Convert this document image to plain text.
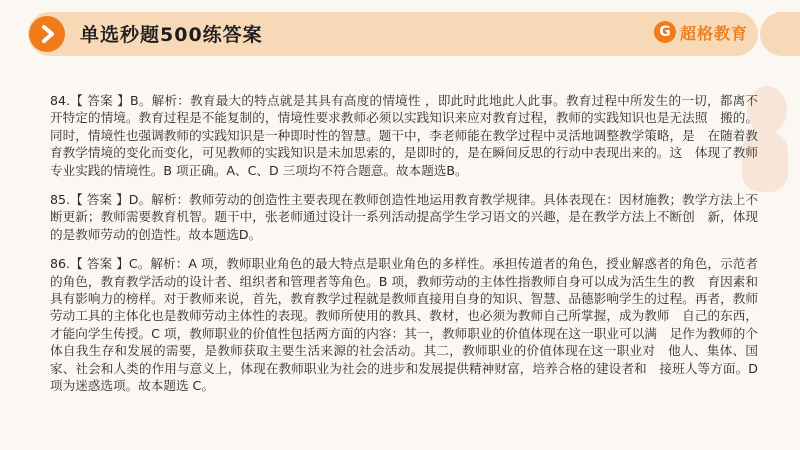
单选秒题500练答案	G 超格教育

84.【 答案 】B。解析：教育最大的特点就是其具有高度的情境性 ，即此时此地此人此事。教育过程中所发生的一切，都离不开特定的情境。教育过程是不能复制的，情境性要求教师必须以实践知识来应对教育过程，教师的实践知识也是无法照　搬的。同时，情境性也强调教师的实践知识是一种即时性的智慧。题干中，李老师能在教学过程中灵活地调整教学策略，是　在随着教育教学情境的变化而变化，可见教师的实践知识是未加思索的，是即时的，是在瞬间反思的行动中表现出来的。这　体现了教师专业实践的情境性。B 项正确。A、C、D 三项均不符合题意。故本题选B。

85.【 答案 】D。解析：教师劳动的创造性主要表现在教师创造性地运用教育教学规律。具体表现在：因材施教；教学方法上不断更新；教师需要教育机智。题干中，张老师通过设计一系列活动提高学生学习语文的兴趣，是在教学方法上不断创　新，体现的是教师劳动的创造性。故本题选D。

86.【 答案 】C。解析：A 项，教师职业角色的最大特点是职业角色的多样性。承担传道者的角色，授业解惑者的角色，示范者的角色，教育教学活动的设计者、组织者和管理者等角色。B 项，教师劳动的主体性指教师自身可以成为活生生的教　育因素和具有影响力的榜样。对于教师来说，首先，教育教学过程就是教师直接用自身的知识、智慧、品德影响学生的过程。再者，教师劳动工具的主体化也是教师劳动主体性的表现。教师所使用的教具、教材，也必须为教师自己所掌握，成为教师　自己的东西，才能向学生传授。C 项，教师职业的价值性包括两方面的内容：其一，教师职业的价值体现在这一职业可以满　足作为教师的个体自我生存和发展的需要，是教师获取主要生活来源的社会活动。其二，教师职业的价值体现在这一职业对　他人、集体、国家、社会和人类的作用与意义上，体现在教师职业为社会的进步和发展提供精神财富，培养合格的建设者和　接班人等方面。D 项为迷惑选项。故本题选 C。
